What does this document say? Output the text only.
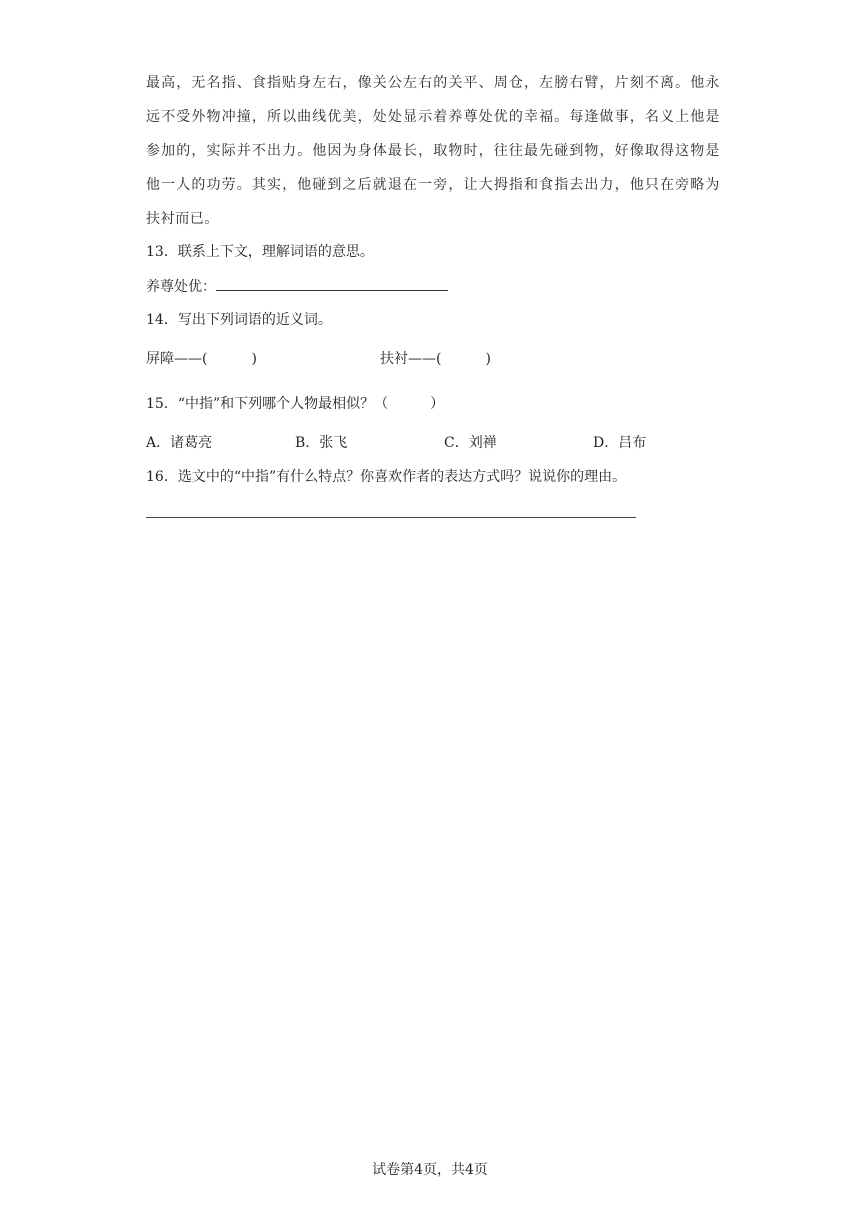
最高，无名指、食指贴身左右，像关公左右的关平、周仓，左膀右臂，片刻不离。他永
远不受外物冲撞，所以曲线优美，处处显示着养尊处优的幸福。每逢做事，名义上他是
参加的，实际并不出力。他因为身体最长，取物时，往往最先碰到物，好像取得这物是
他一人的功劳。其实，他碰到之后就退在一旁，让大拇指和食指去出力，他只在旁略为
扶衬而已。
13．联系上下文，理解词语的意思。
养尊处优：
14．写出下列词语的近义词。
屏障——(	)	扶衬——(	)
15．“中指”和下列哪个人物最相似？（　　　）
A．诸葛亮	B．张飞	C．刘禅	D．吕布
16．选文中的“中指”有什么特点？你喜欢作者的表达方式吗？说说你的理由。
试卷第4页，共4页
